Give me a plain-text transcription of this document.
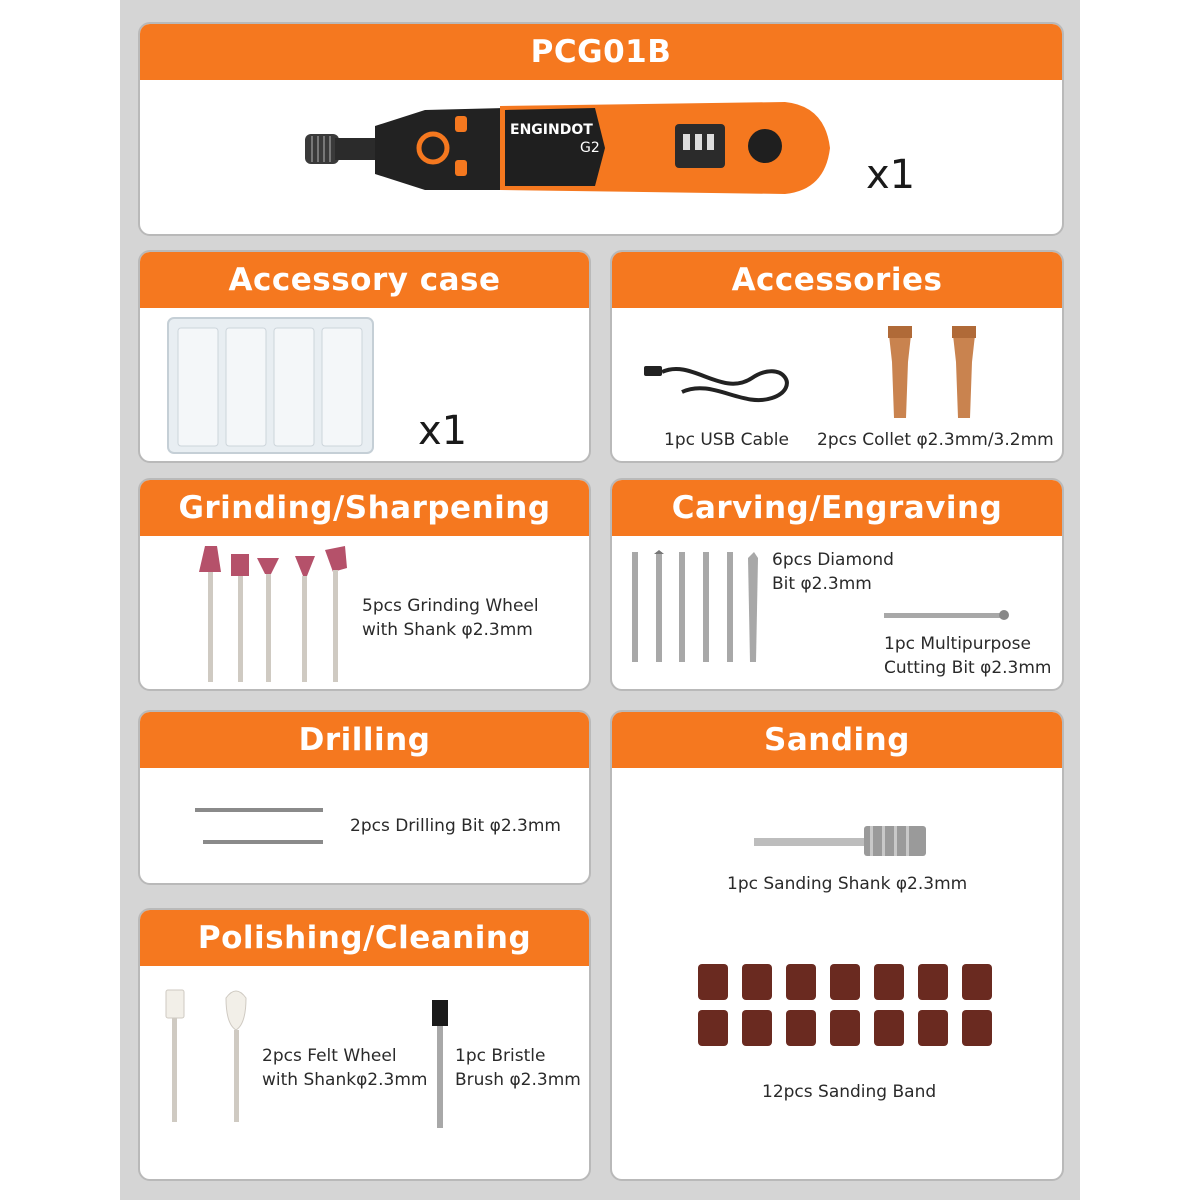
PCG01B
ENGINDOT
G2
x1
Accessory case
x1
Accessories
1pc USB Cable 2pcs Collet φ2.3mm/3.2mm
Grinding/Sharpening
5pcs Grinding Wheel
with Shank φ2.3mm
Carving/Engraving
6pcs Diamond
Bit φ2.3mm
1pc Multipurpose
Cutting Bit φ2.3mm
Drilling
2pcs Drilling Bit φ2.3mm
Polishing/Cleaning
2pcs Felt Wheel
with Shankφ2.3mm
1pc Bristle
Brush φ2.3mm
Sanding
1pc Sanding Shank φ2.3mm
12pcs Sanding Band
